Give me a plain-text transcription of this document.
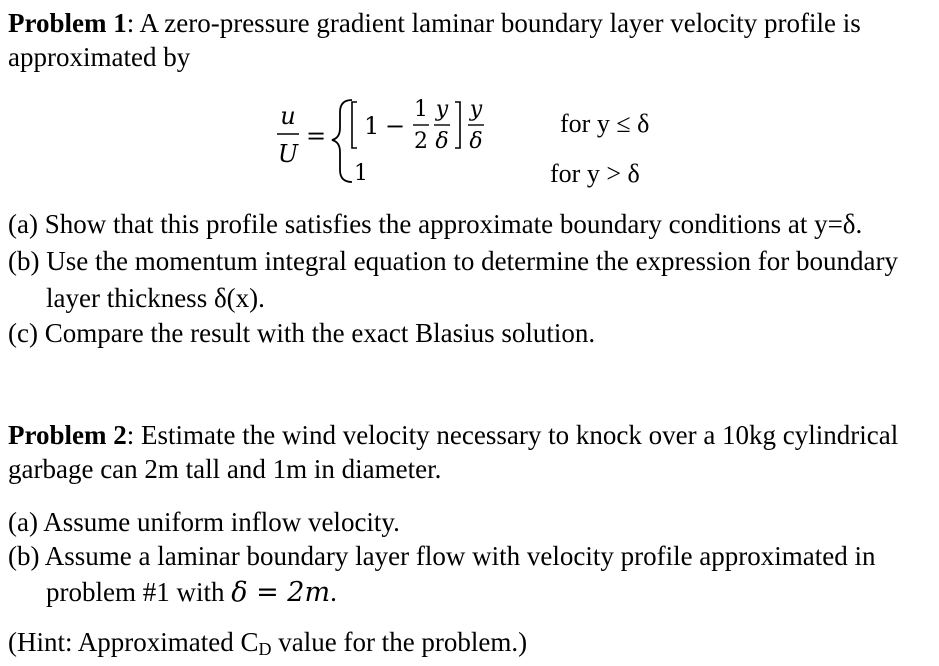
Problem 1: A zero-pressure gradient laminar boundary layer velocity profile is
approximated by
u
U
= 1 −
1
2
y
δ
y
δ
1
for y ≤ δ
for y > δ
(a) Show that this profile satisfies the approximate boundary conditions at y=δ.
(b) Use the momentum integral equation to determine the expression for boundary
layer thickness δ(x).
(c) Compare the result with the exact Blasius solution.
Problem 2: Estimate the wind velocity necessary to knock over a 10kg cylindrical
garbage can 2m tall and 1m in diameter.
(a) Assume uniform inflow velocity.
(b) Assume a laminar boundary layer flow with velocity profile approximated in
problem #1 with δ = 2m.
(Hint: Approximated $C_D$ value for the problem.)
